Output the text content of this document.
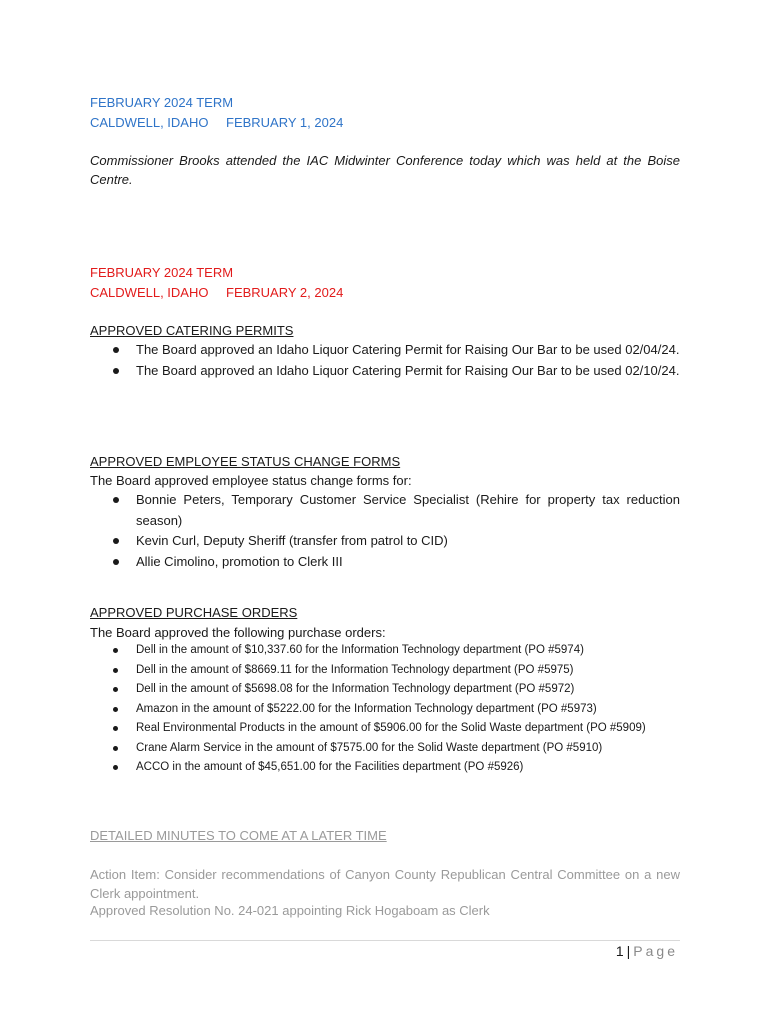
FEBRUARY 2024 TERM
CALDWELL, IDAHO FEBRUARY 1, 2024
Commissioner Brooks attended the IAC Midwinter Conference today which was held at the Boise Centre.
FEBRUARY 2024 TERM
CALDWELL, IDAHO FEBRUARY 2, 2024
APPROVED CATERING PERMITS
The Board approved an Idaho Liquor Catering Permit for Raising Our Bar to be used 02/04/24.
The Board approved an Idaho Liquor Catering Permit for Raising Our Bar to be used 02/10/24.
APPROVED EMPLOYEE STATUS CHANGE FORMS
The Board approved employee status change forms for:
Bonnie Peters, Temporary Customer Service Specialist (Rehire for property tax reduction season)
Kevin Curl, Deputy Sheriff (transfer from patrol to CID)
Allie Cimolino, promotion to Clerk III
APPROVED PURCHASE ORDERS
The Board approved the following purchase orders:
Dell in the amount of $10,337.60 for the Information Technology department (PO #5974)
Dell in the amount of $8669.11 for the Information Technology department (PO #5975)
Dell in the amount of $5698.08 for the Information Technology department (PO #5972)
Amazon in the amount of $5222.00 for the Information Technology department (PO #5973)
Real Environmental Products in the amount of $5906.00 for the Solid Waste department (PO #5909)
Crane Alarm Service in the amount of $7575.00 for the Solid Waste department (PO #5910)
ACCO in the amount of $45,651.00 for the Facilities department (PO #5926)
DETAILED MINUTES TO COME AT A LATER TIME
Action Item: Consider recommendations of Canyon County Republican Central Committee on a new Clerk appointment.
Approved Resolution No. 24-021 appointing Rick Hogaboam as Clerk
1 | Page
